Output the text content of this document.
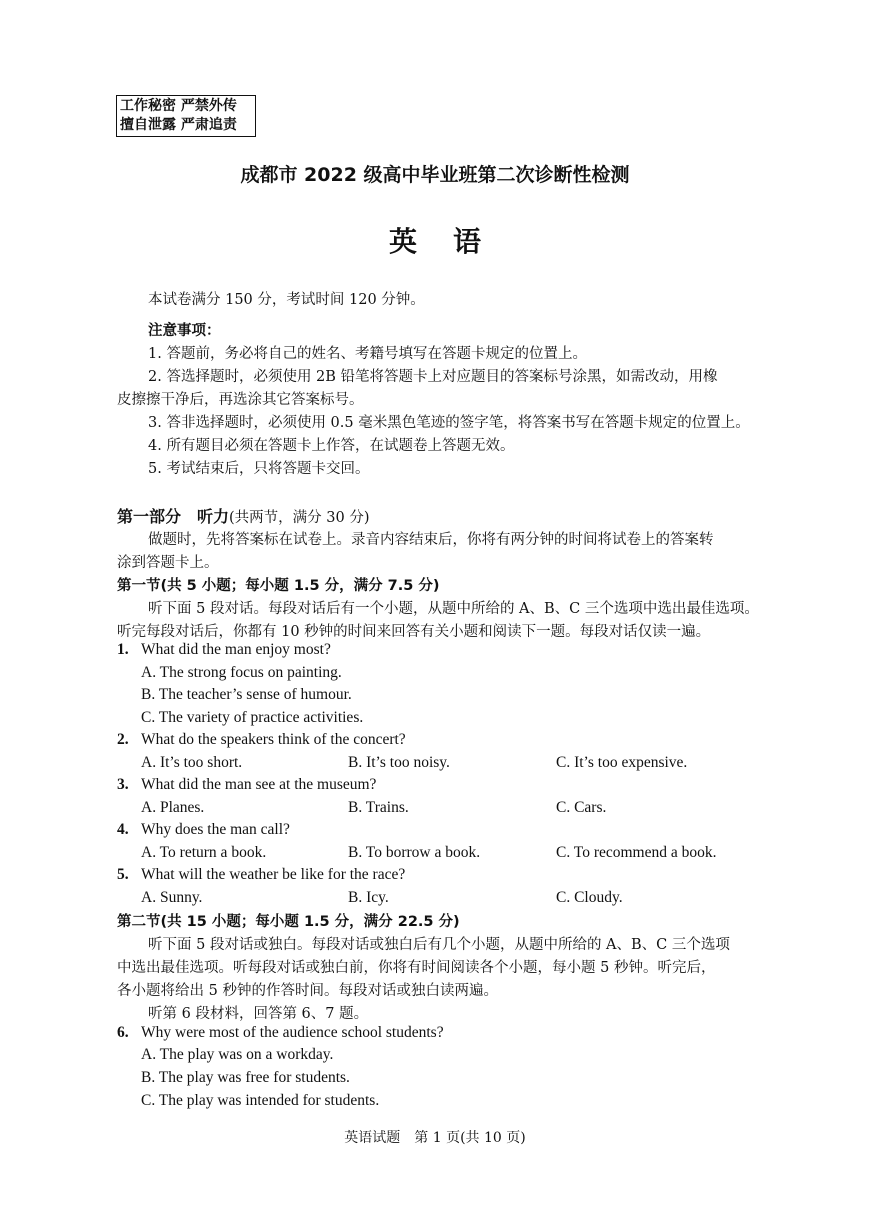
工作秘密 严禁外传
擅自泄露 严肃追责
成都市 2022 级高中毕业班第二次诊断性检测
英语
本试卷满分 150 分，考试时间 120 分钟。
注意事项：
1. 答题前，务必将自己的姓名、考籍号填写在答题卡规定的位置上。
2. 答选择题时，必须使用 2B 铅笔将答题卡上对应题目的答案标号涂黑，如需改动，用橡
皮擦擦干净后，再选涂其它答案标号。
3. 答非选择题时，必须使用 0.5 毫米黑色笔迹的签字笔，将答案书写在答题卡规定的位置上。
4. 所有题目必须在答题卡上作答，在试题卷上答题无效。
5. 考试结束后，只将答题卡交回。
第一部分　听力(共两节，满分 30 分)
做题时，先将答案标在试卷上。录音内容结束后，你将有两分钟的时间将试卷上的答案转
涂到答题卡上。
第一节(共 5 小题；每小题 1.5 分，满分 7.5 分)
听下面 5 段对话。每段对话后有一个小题，从题中所给的 A、B、C 三个选项中选出最佳选项。
听完每段对话后，你都有 10 秒钟的时间来回答有关小题和阅读下一题。每段对话仅读一遍。
1. What did the man enjoy most?
A. The strong focus on painting.
B. The teacher’s sense of humour.
C. The variety of practice activities.
2. What do the speakers think of the concert?
A. It’s too short.	B. It’s too noisy.	C. It’s too expensive.
3. What did the man see at the museum?
A. Planes.	B. Trains.	C. Cars.
4. Why does the man call?
A. To return a book.	B. To borrow a book.	C. To recommend a book.
5. What will the weather be like for the race?
A. Sunny.	B. Icy.	C. Cloudy.
第二节(共 15 小题；每小题 1.5 分，满分 22.5 分)
听下面 5 段对话或独白。每段对话或独白后有几个小题，从题中所给的 A、B、C 三个选项
中选出最佳选项。听每段对话或独白前，你将有时间阅读各个小题，每小题 5 秒钟。听完后，
各小题将给出 5 秒钟的作答时间。每段对话或独白读两遍。
听第 6 段材料，回答第 6、7 题。
6. Why were most of the audience school students?
A. The play was on a workday.
B. The play was free for students.
C. The play was intended for students.
英语试题　第 1 页(共 10 页)
